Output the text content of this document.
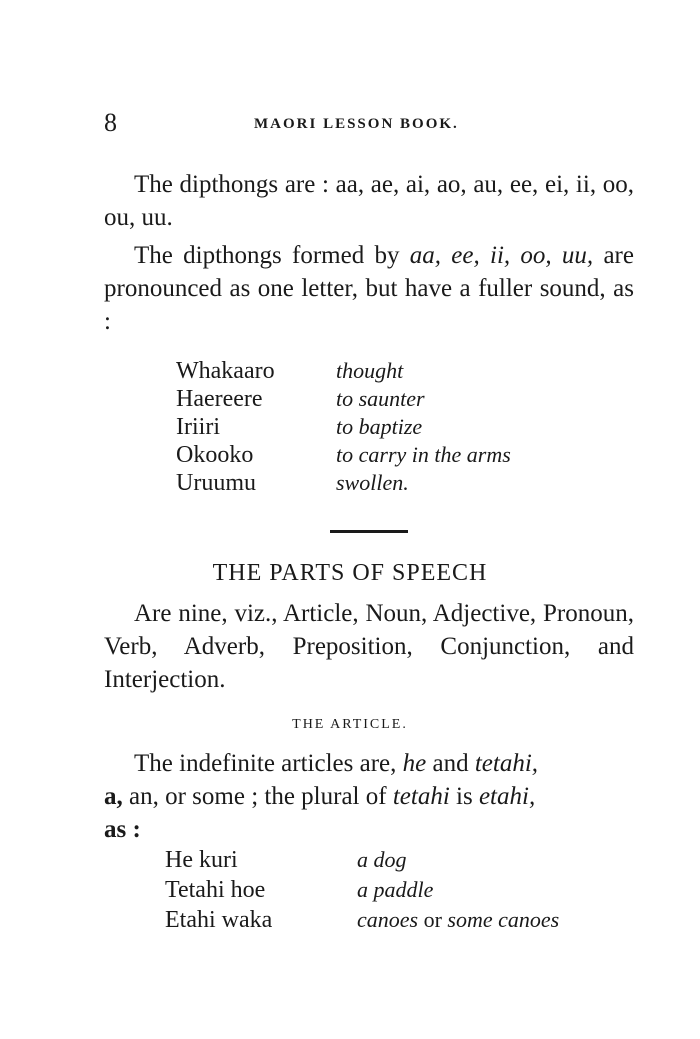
8	MAORI LESSON BOOK.

The dipthongs are : aa, ae, ai, ao, au, ee, ei, ii, oo, ou, uu.

The dipthongs formed by aa, ee, ii, oo, uu, are pronounced as one letter, but have a fuller sound, as :

Whakaaro	thought
Haereere	to saunter
Iriiri	to baptize
Okooko	to carry in the arms
Uruumu	swollen.
THE PARTS OF SPEECH

Are nine, viz., Article, Noun, Adjective, Pronoun, Verb, Adverb, Preposition, Conjunction, and Interjection.

THE ARTICLE.

The indefinite articles are, he and tetahi,
a, an, or some ; the plural of tetahi is etahi,
as :

He kuri	a dog
Tetahi hoe	a paddle
Etahi waka	canoes or some canoes
